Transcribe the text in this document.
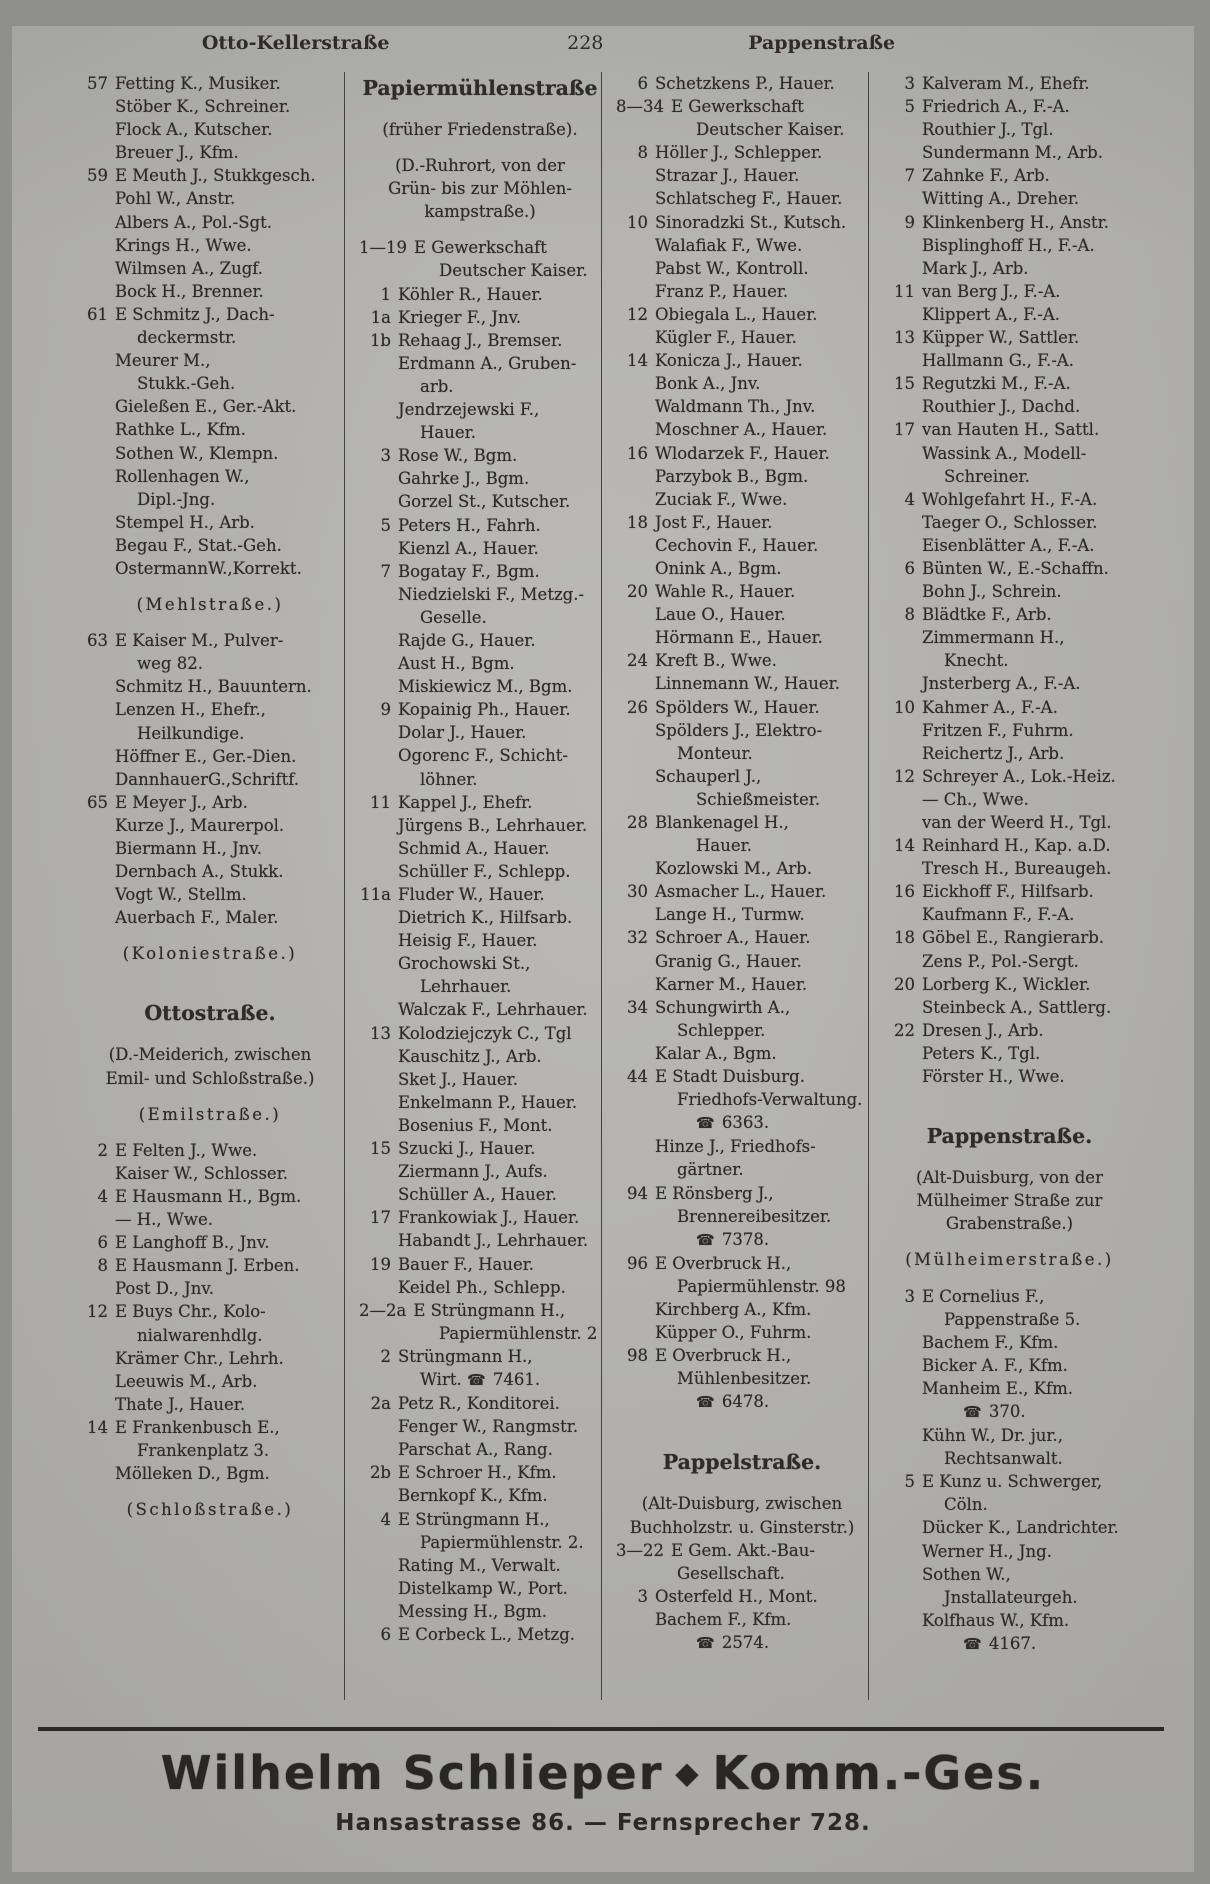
Otto-Kellerstraße	228	Pappenstraße
57 Fetting K., Musiker.
Stöber K., Schreiner.
Flock A., Kutscher.
Breuer J., Kfm.
59 E Meuth J., Stukkgesch.
Pohl W., Anstr.
Albers A., Pol.-Sgt.
Krings H., Wwe.
Wilmsen A., Zugf.
Bock H., Brenner.
61 E Schmitz J., Dach-
deckermstr.
Meurer M.,
Stukk.-Geh.
Gieleßen E., Ger.-Akt.
Rathke L., Kfm.
Sothen W., Klempn.
Rollenhagen W.,
Dipl.-Jng.
Stempel H., Arb.
Begau F., Stat.-Geh.
OstermannW.,Korrekt.
(Mehlstraße.)
63 E Kaiser M., Pulver-
weg 82.
Schmitz H., Bauuntern.
Lenzen H., Ehefr.,
Heilkundige.
Höffner E., Ger.-Dien.
DannhauerG.,Schriftf.
65 E Meyer J., Arb.
Kurze J., Maurerpol.
Biermann H., Jnv.
Dernbach A., Stukk.
Vogt W., Stellm.
Auerbach F., Maler.
(Koloniestraße.)
Ottostraße.
(D.-Meiderich, zwischen
Emil- und Schloßstraße.)
(Emilstraße.)
2 E Felten J., Wwe.
Kaiser W., Schlosser.
4 E Hausmann H., Bgm.
— H., Wwe.
6 E Langhoff B., Jnv.
8 E Hausmann J. Erben.
Post D., Jnv.
12 E Buys Chr., Kolo-
nialwarenhdlg.
Krämer Chr., Lehrh.
Leeuwis M., Arb.
Thate J., Hauer.
14 E Frankenbusch E.,
Frankenplatz 3.
Mölleken D., Bgm.
(Schloßstraße.)
Papiermühlenstraße
(früher Friedenstraße).
(D.-Ruhrort, von der
Grün- bis zur Möhlen-
kampstraße.)
1—19 E Gewerkschaft
Deutscher Kaiser.
1 Köhler R., Hauer.
1a Krieger F., Jnv.
1b Rehaag J., Bremser.
Erdmann A., Gruben-
arb.
Jendrzejewski F.,
Hauer.
3 Rose W., Bgm.
Gahrke J., Bgm.
Gorzel St., Kutscher.
5 Peters H., Fahrh.
Kienzl A., Hauer.
7 Bogatay F., Bgm.
Niedzielski F., Metzg.-
Geselle.
Rajde G., Hauer.
Aust H., Bgm.
Miskiewicz M., Bgm.
9 Kopainig Ph., Hauer.
Dolar J., Hauer.
Ogorenc F., Schicht-
löhner.
11 Kappel J., Ehefr.
Jürgens B., Lehrhauer.
Schmid A., Hauer.
Schüller F., Schlepp.
11a Fluder W., Hauer.
Dietrich K., Hilfsarb.
Heisig F., Hauer.
Grochowski St.,
Lehrhauer.
Walczak F., Lehrhauer.
13 Kolodziejczyk C., Tgl
Kauschitz J., Arb.
Sket J., Hauer.
Enkelmann P., Hauer.
Bosenius F., Mont.
15 Szucki J., Hauer.
Ziermann J., Aufs.
Schüller A., Hauer.
17 Frankowiak J., Hauer.
Habandt J., Lehrhauer.
19 Bauer F., Hauer.
Keidel Ph., Schlepp.
2—2a E Strüngmann H.,
Papiermühlenstr. 2
2 Strüngmann H.,
Wirt. ☎ 7461.
2a Petz R., Konditorei.
Fenger W., Rangmstr.
Parschat A., Rang.
2b E Schroer H., Kfm.
Bernkopf K., Kfm.
4 E Strüngmann H.,
Papiermühlenstr. 2.
Rating M., Verwalt.
Distelkamp W., Port.
Messing H., Bgm.
6 E Corbeck L., Metzg.
6 Schetzkens P., Hauer.
8—34 E Gewerkschaft
Deutscher Kaiser.
8 Höller J., Schlepper.
Strazar J., Hauer.
Schlatscheg F., Hauer.
10 Sinoradzki St., Kutsch.
Walafiak F., Wwe.
Pabst W., Kontroll.
Franz P., Hauer.
12 Obiegala L., Hauer.
Kügler F., Hauer.
14 Konicza J., Hauer.
Bonk A., Jnv.
Waldmann Th., Jnv.
Moschner A., Hauer.
16 Wlodarzek F., Hauer.
Parzybok B., Bgm.
Zuciak F., Wwe.
18 Jost F., Hauer.
Cechovin F., Hauer.
Onink A., Bgm.
20 Wahle R., Hauer.
Laue O., Hauer.
Hörmann E., Hauer.
24 Kreft B., Wwe.
Linnemann W., Hauer.
26 Spölders W., Hauer.
Spölders J., Elektro-
Monteur.
Schauperl J.,
Schießmeister.
28 Blankenagel H.,
Hauer.
Kozlowski M., Arb.
30 Asmacher L., Hauer.
Lange H., Turmw.
32 Schroer A., Hauer.
Granig G., Hauer.
Karner M., Hauer.
34 Schungwirth A.,
Schlepper.
Kalar A., Bgm.
44 E Stadt Duisburg.
Friedhofs-Verwaltung.
☎ 6363.
Hinze J., Friedhofs-
gärtner.
94 E Rönsberg J.,
Brennereibesitzer.
☎ 7378.
96 E Overbruck H.,
Papiermühlenstr. 98
Kirchberg A., Kfm.
Küpper O., Fuhrm.
98 E Overbruck H.,
Mühlenbesitzer.
☎ 6478.
Pappelstraße.
(Alt-Duisburg, zwischen
Buchholzstr. u. Ginsterstr.)
3—22 E Gem. Akt.-Bau-
Gesellschaft.
3 Osterfeld H., Mont.
Bachem F., Kfm.
☎ 2574.
3 Kalveram M., Ehefr.
5 Friedrich A., F.-A.
Routhier J., Tgl.
Sundermann M., Arb.
7 Zahnke F., Arb.
Witting A., Dreher.
9 Klinkenberg H., Anstr.
Bisplinghoff H., F.-A.
Mark J., Arb.
11 van Berg J., F.-A.
Klippert A., F.-A.
13 Küpper W., Sattler.
Hallmann G., F.-A.
15 Regutzki M., F.-A.
Routhier J., Dachd.
17 van Hauten H., Sattl.
Wassink A., Modell-
Schreiner.
4 Wohlgefahrt H., F.-A.
Taeger O., Schlosser.
Eisenblätter A., F.-A.
6 Bünten W., E.-Schaffn.
Bohn J., Schrein.
8 Blädtke F., Arb.
Zimmermann H.,
Knecht.
Jnsterberg A., F.-A.
10 Kahmer A., F.-A.
Fritzen F., Fuhrm.
Reichertz J., Arb.
12 Schreyer A., Lok.-Heiz.
— Ch., Wwe.
van der Weerd H., Tgl.
14 Reinhard H., Kap. a.D.
Tresch H., Bureaugeh.
16 Eickhoff F., Hilfsarb.
Kaufmann F., F.-A.
18 Göbel E., Rangierarb.
Zens P., Pol.-Sergt.
20 Lorberg K., Wickler.
Steinbeck A., Sattlerg.
22 Dresen J., Arb.
Peters K., Tgl.
Förster H., Wwe.
Pappenstraße.
(Alt-Duisburg, von der
Mülheimer Straße zur
Grabenstraße.)
(Mülheimerstraße.)
3 E Cornelius F.,
Pappenstraße 5.
Bachem F., Kfm.
Bicker A. F., Kfm.
Manheim E., Kfm.
☎ 370.
Kühn W., Dr. jur.,
Rechtsanwalt.
5 E Kunz u. Schwerger,
Cöln.
Dücker K., Landrichter.
Werner H., Jng.
Sothen W.,
Jnstallateurgeh.
Kolfhaus W., Kfm.
☎ 4167.
Wilhelm Schlieper ◆ Komm.-Ges.
Hansastrasse 86. — Fernsprecher 728.
